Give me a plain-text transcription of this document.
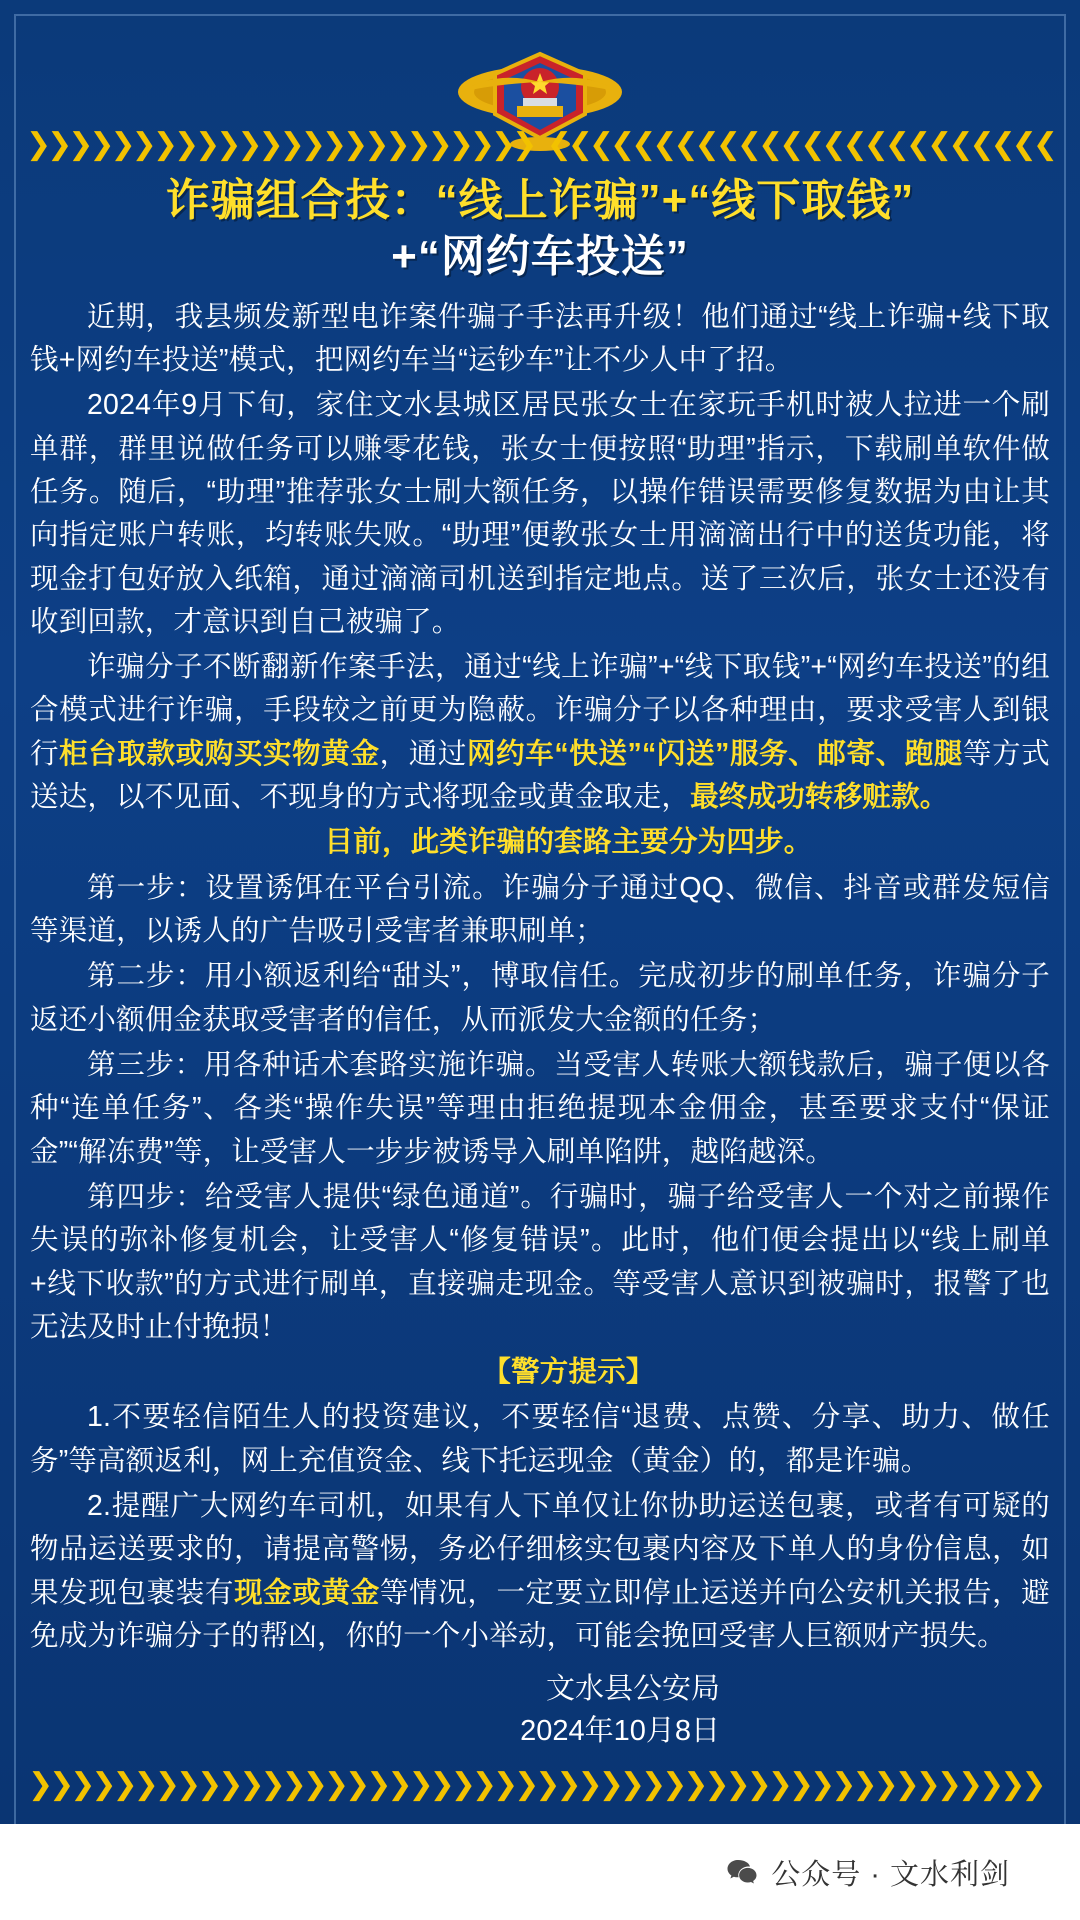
❯❯❯❯❯❯❯❯❯❯❯❯❯❯❯❯❯❯❯❯❯❯❯❯ ❮❮❮❮❮❮❮❮❮❮❮❮❮❮❮❮❮❮❮❮❮❮❮❮
诈骗组合技：“线上诈骗”+“线下取钱”
+“网约车投送”

近期，我县频发新型电诈案件骗子手法再升级！他们通过“线上诈骗+线下取钱+网约车投送”模式，把网约车当“运钞车”让不少人中了招。

2024年9月下旬，家住文水县城区居民张女士在家玩手机时被人拉进一个刷单群，群里说做任务可以赚零花钱，张女士便按照“助理”指示，下载刷单软件做任务。随后，“助理”推荐张女士刷大额任务，以操作错误需要修复数据为由让其向指定账户转账，均转账失败。“助理”便教张女士用滴滴出行中的送货功能，将现金打包好放入纸箱，通过滴滴司机送到指定地点。送了三次后，张女士还没有收到回款，才意识到自己被骗了。

诈骗分子不断翻新作案手法，通过“线上诈骗”+“线下取钱”+“网约车投送”的组合模式进行诈骗，手段较之前更为隐蔽。诈骗分子以各种理由，要求受害人到银行柜台取款或购买实物黄金，通过网约车“快送”“闪送”服务、邮寄、跑腿等方式送达，以不见面、不现身的方式将现金或黄金取走，最终成功转移赃款。

目前，此类诈骗的套路主要分为四步。

第一步：设置诱饵在平台引流。诈骗分子通过QQ、微信、抖音或群发短信等渠道，以诱人的广告吸引受害者兼职刷单；

第二步：用小额返利给“甜头”，博取信任。完成初步的刷单任务，诈骗分子返还小额佣金获取受害者的信任，从而派发大金额的任务；

第三步：用各种话术套路实施诈骗。当受害人转账大额钱款后，骗子便以各种“连单任务”、各类“操作失误”等理由拒绝提现本金佣金，甚至要求支付“保证金”“解冻费”等，让受害人一步步被诱导入刷单陷阱，越陷越深。

第四步：给受害人提供“绿色通道”。行骗时，骗子给受害人一个对之前操作失误的弥补修复机会，让受害人“修复错误”。此时，他们便会提出以“线上刷单+线下收款”的方式进行刷单，直接骗走现金。等受害人意识到被骗时，报警了也无法及时止付挽损！

【警方提示】

1.不要轻信陌生人的投资建议，不要轻信“退费、点赞、分享、助力、做任务”等高额返利，网上充值资金、线下托运现金（黄金）的，都是诈骗。

2.提醒广大网约车司机，如果有人下单仅让你协助运送包裹，或者有可疑的物品运送要求的，请提高警惕，务必仔细核实包裹内容及下单人的身份信息，如果发现包裹装有现金或黄金等情况，一定要立即停止运送并向公安机关报告，避免成为诈骗分子的帮凶，你的一个小举动，可能会挽回受害人巨额财产损失。

文水县公安局
2024年10月8日
❯❯❯❯❯❯❯❯❯❯❯❯❯❯❯❯❯❯❯❯❯❯❯❯❯❯❯❯❯❯❯❯❯❯❯❯❯❯❯❯❯❯❯❯❯❯❯❯
公众号 · 文水利剑
